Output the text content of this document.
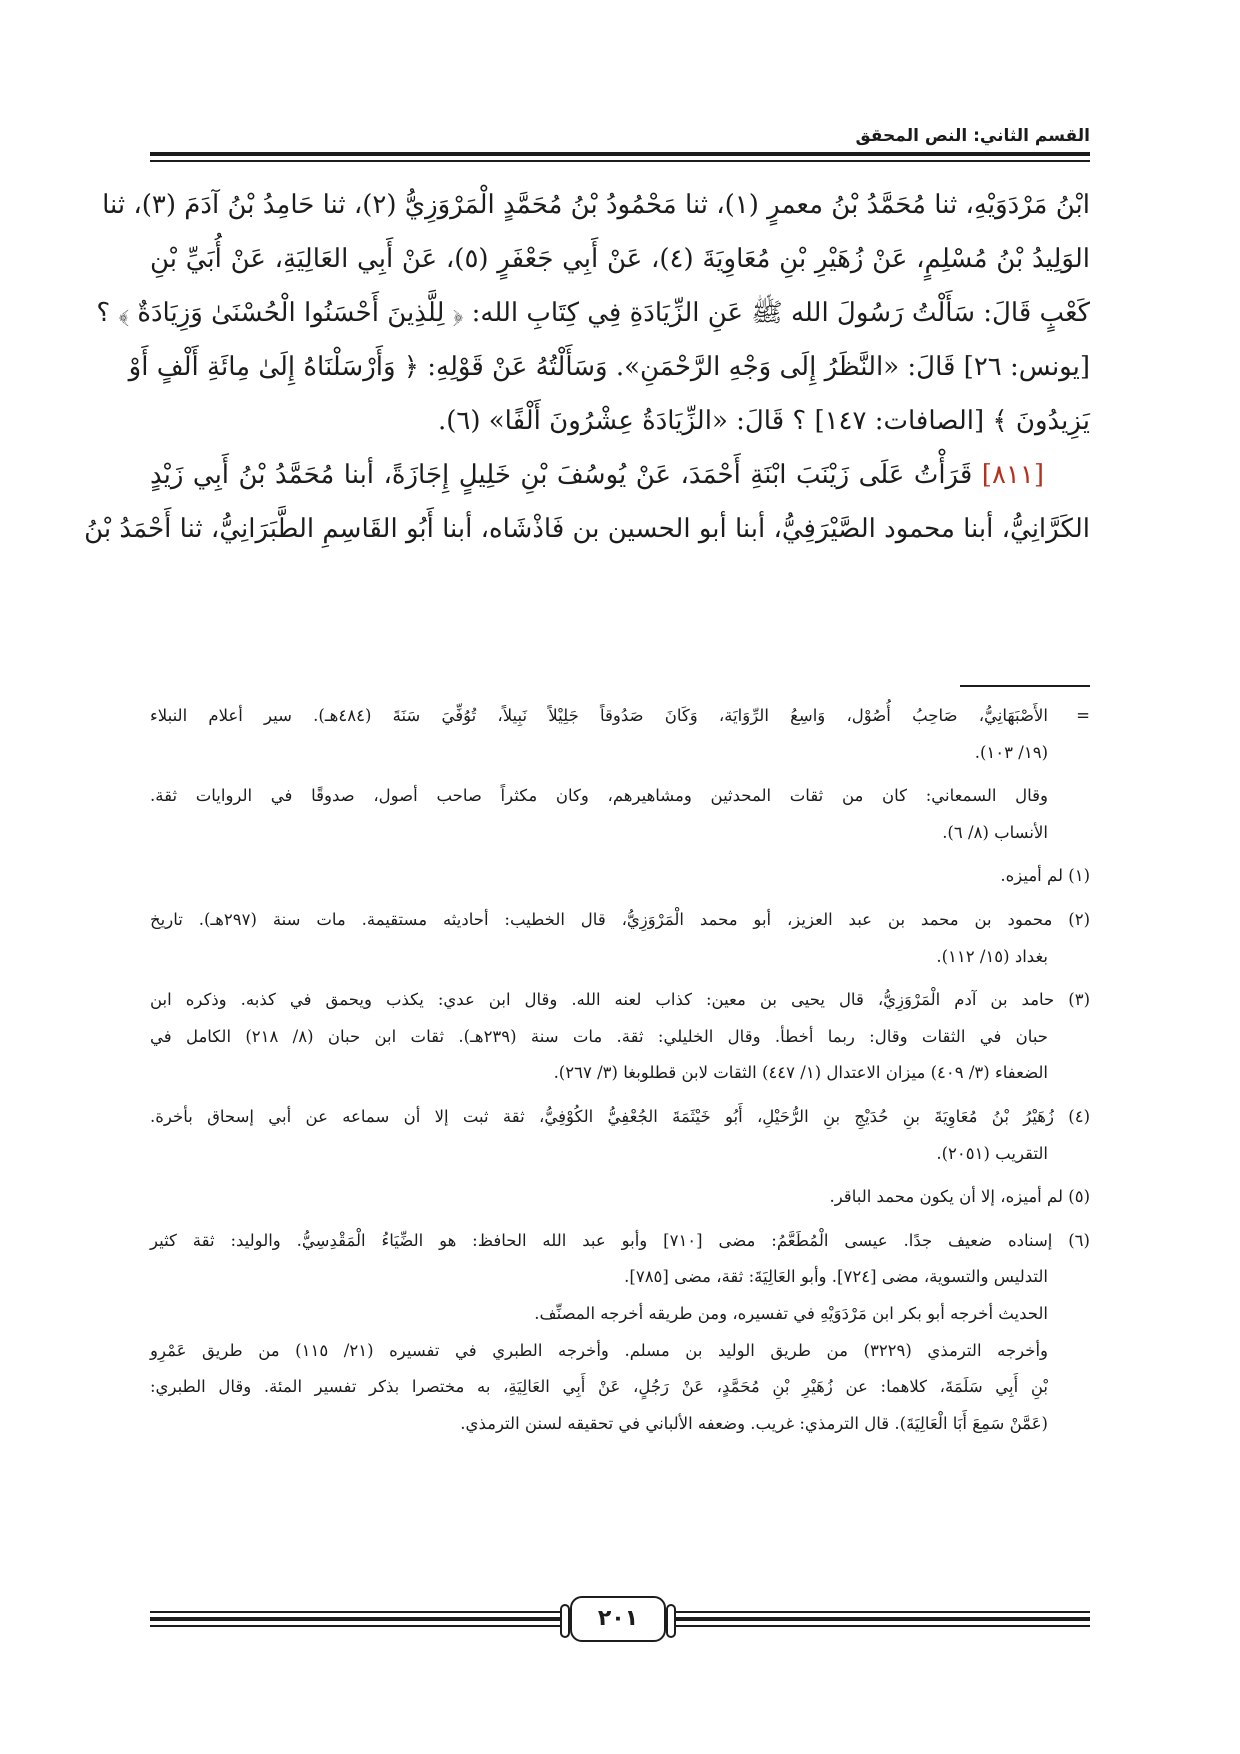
القسم الثاني: النص المحقق
ابْنُ مَرْدَوَيْهِ، ثنا مُحَمَّدُ بْنُ معمرٍ (١)، ثنا مَحْمُودُ بْنُ مُحَمَّدٍ الْمَرْوَزِيُّ (٢)، ثنا حَامِدُ بْنُ آدَمَ (٣)، ثنا
الوَلِيدُ بْنُ مُسْلِمٍ، عَنْ زُهَيْرِ بْنِ مُعَاوِيَةَ (٤)، عَنْ أَبِي جَعْفَرٍ (٥)، عَنْ أَبِي العَالِيَةِ، عَنْ أُبَيِّ بْنِ
كَعْبٍ قَالَ: سَأَلْتُ رَسُولَ الله ﷺ عَنِ الزِّيَادَةِ فِي كِتَابِ الله: ﴿ لِلَّذِينَ أَحْسَنُوا الْحُسْنَىٰ وَزِيَادَةٌ ﴾ ؟
[يونس: ٢٦] قَالَ: «النَّظَرُ إِلَى وَجْهِ الرَّحْمَنِ». وَسَأَلْتُهُ عَنْ قَوْلِهِ: ﴿ وَأَرْسَلْنَاهُ إِلَىٰ مِائَةِ أَلْفٍ أَوْ
يَزِيدُونَ ﴾ [الصافات: ١٤٧] ؟ قَالَ: «الزِّيَادَةُ عِشْرُونَ أَلْفًا» (٦).
[٨١١] قَرَأْتُ عَلَى زَيْنَبَ ابْنَةِ أَحْمَدَ، عَنْ يُوسُفَ بْنِ خَلِيلٍ إِجَازَةً، أبنا مُحَمَّدُ بْنُ أَبِي زَيْدٍ
الكَرَّانِيُّ، أبنا محمود الصَّيْرَفِيُّ، أبنا أبو الحسين بن فَاذْشَاه، أبنا أَبُو القَاسِمِ الطَّبَرَانِيُّ، ثنا أَحْمَدُ بْنُ
=الأَصْبَهَانِيُّ، صَاحِبُ أُصُوْل، وَاسِعُ الرِّوَايَة، وَكَانَ صَدُوقاً جَلِيْلاً نَبِيلاً، تُوُفِّيَ سَنَةَ (٤٨٤هـ). سير أعلام النبلاء
(١٩/ ١٠٣).
وقال السمعاني: كان من ثقات المحدثين ومشاهيرهم، وكان مكثراً صاحب أصول، صدوقًا في الروايات ثقة.
الأنساب (٨/ ٦).
(١) لم أميزه.
(٢) محمود بن محمد بن عبد العزيز، أبو محمد الْمَرْوَزِيُّ، قال الخطيب: أحاديثه مستقيمة. مات سنة (٢٩٧هـ). تاريخ
بغداد (١٥/ ١١٢).
(٣) حامد بن آدم الْمَرْوَزِيُّ، قال يحيى بن معين: كذاب لعنه الله. وقال ابن عدي: يكذب ويحمق في كذبه. وذكره ابن
حبان في الثقات وقال: ربما أخطأ. وقال الخليلي: ثقة. مات سنة (٢٣٩هـ). ثقات ابن حبان (٨/ ٢١٨) الكامل في
الضعفاء (٣/ ٤٠٩) ميزان الاعتدال (١/ ٤٤٧) الثقات لابن قطلوبغا (٣/ ٢٦٧).
(٤) زُهَيْرُ بْنُ مُعَاوِيَةَ بنِ حُدَيْجِ بنِ الرُّحَيْلِ، أَبُو خَيْثَمَةَ الجُعْفِيُّ الكُوْفِيُّ، ثقة ثبت إلا أن سماعه عن أبي إسحاق بأخرة.
التقريب (٢٠٥١).
(٥) لم أميزه، إلا أن يكون محمد الباقر.
(٦) إسناده ضعيف جدًا. عيسى الْمُطَعَّمُ: مضى [٧١٠] وأبو عبد الله الحافظ: هو الضِّيَاءُ الْمَقْدِسِيُّ. والوليد: ثقة كثير
التدليس والتسوية، مضى [٧٢٤]. وأبو العَالِيَةَ: ثقة، مضى [٧٨٥].
الحديث أخرجه أبو بكر ابن مَرْدَوَيْهِ في تفسيره، ومن طريقه أخرجه المصنِّف.
وأخرجه الترمذي (٣٢٢٩) من طريق الوليد بن مسلم. وأخرجه الطبري في تفسيره (٢١/ ١١٥) من طريق عَمْرِو
بْنِ أَبِي سَلَمَةَ، كلاهما: عن زُهَيْرِ بْنِ مُحَمَّدٍ، عَنْ رَجُلٍ، عَنْ أَبِي العَالِيَةِ، به مختصرا بذكر تفسير المئة. وقال الطبري:
(عَمَّنْ سَمِعَ أَبَا الْعَالِيَةَ). قال الترمذي: غريب. وضعفه الألباني في تحقيقه لسنن الترمذي.
٢٠١
